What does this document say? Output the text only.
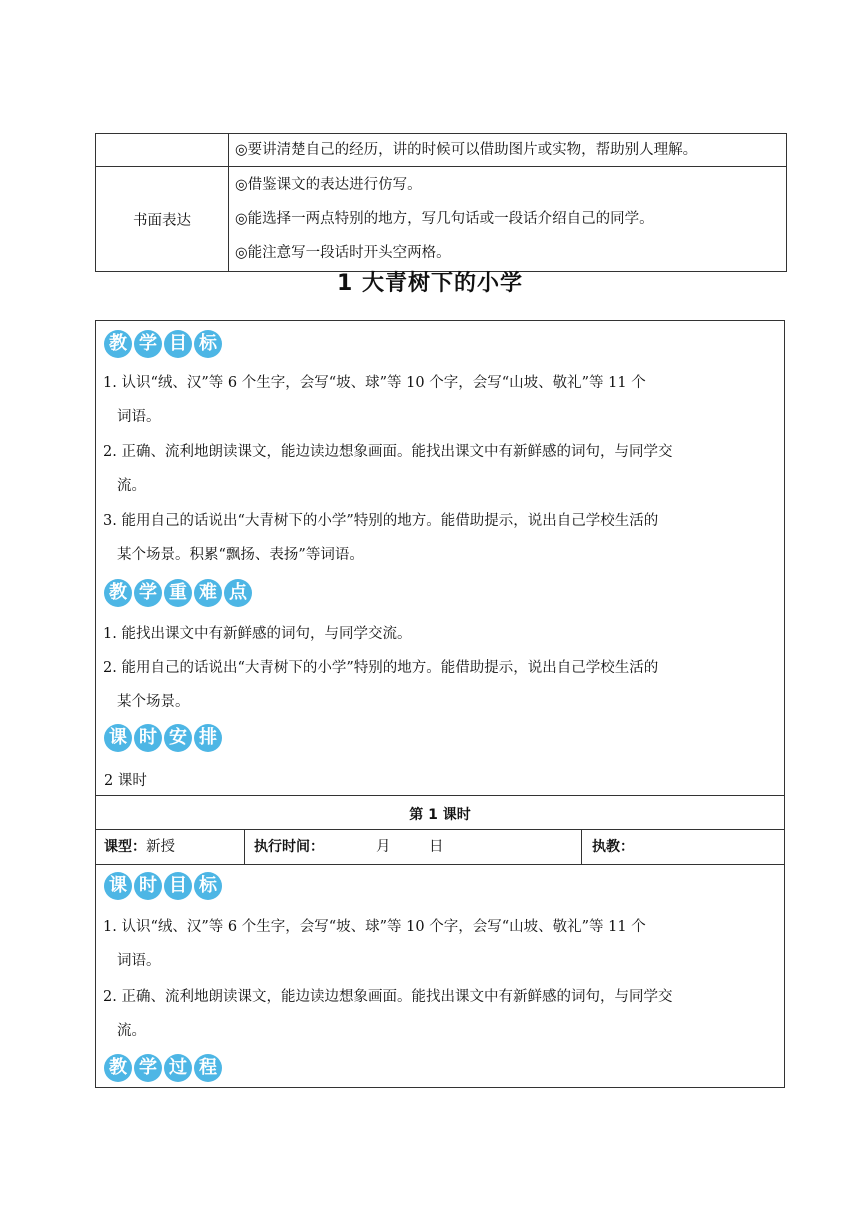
	◎要讲清楚自己的经历，讲的时候可以借助图片或实物，帮助别人理解。

书面表达	◎借鉴课文的表达进行仿写。
◎能选择一两点特别的地方，写几句话或一段话介绍自己的同学。
◎能注意写一段话时开头空两格。
1 大青树下的小学
教 学 目 标
1. 认识“绒、汉”等 6 个生字，会写“坡、球”等 10 个字，会写“山坡、敬礼”等 11 个
词语。
2. 正确、流利地朗读课文，能边读边想象画面。能找出课文中有新鲜感的词句，与同学交
流。
3. 能用自己的话说出“大青树下的小学”特别的地方。能借助提示，说出自己学校生活的
某个场景。积累“飘扬、表扬”等词语。
教 学 重 难 点
1. 能找出课文中有新鲜感的词句，与同学交流。
2. 能用自己的话说出“大青树下的小学”特别的地方。能借助提示，说出自己学校生活的
某个场景。
课 时 安 排
2 课时
第 1 课时
课型：新授	执行时间：	月	日	执教：
课 时 目 标
1. 认识“绒、汉”等 6 个生字，会写“坡、球”等 10 个字，会写“山坡、敬礼”等 11 个
词语。
2. 正确、流利地朗读课文，能边读边想象画面。能找出课文中有新鲜感的词句，与同学交
流。
教 学 过 程
